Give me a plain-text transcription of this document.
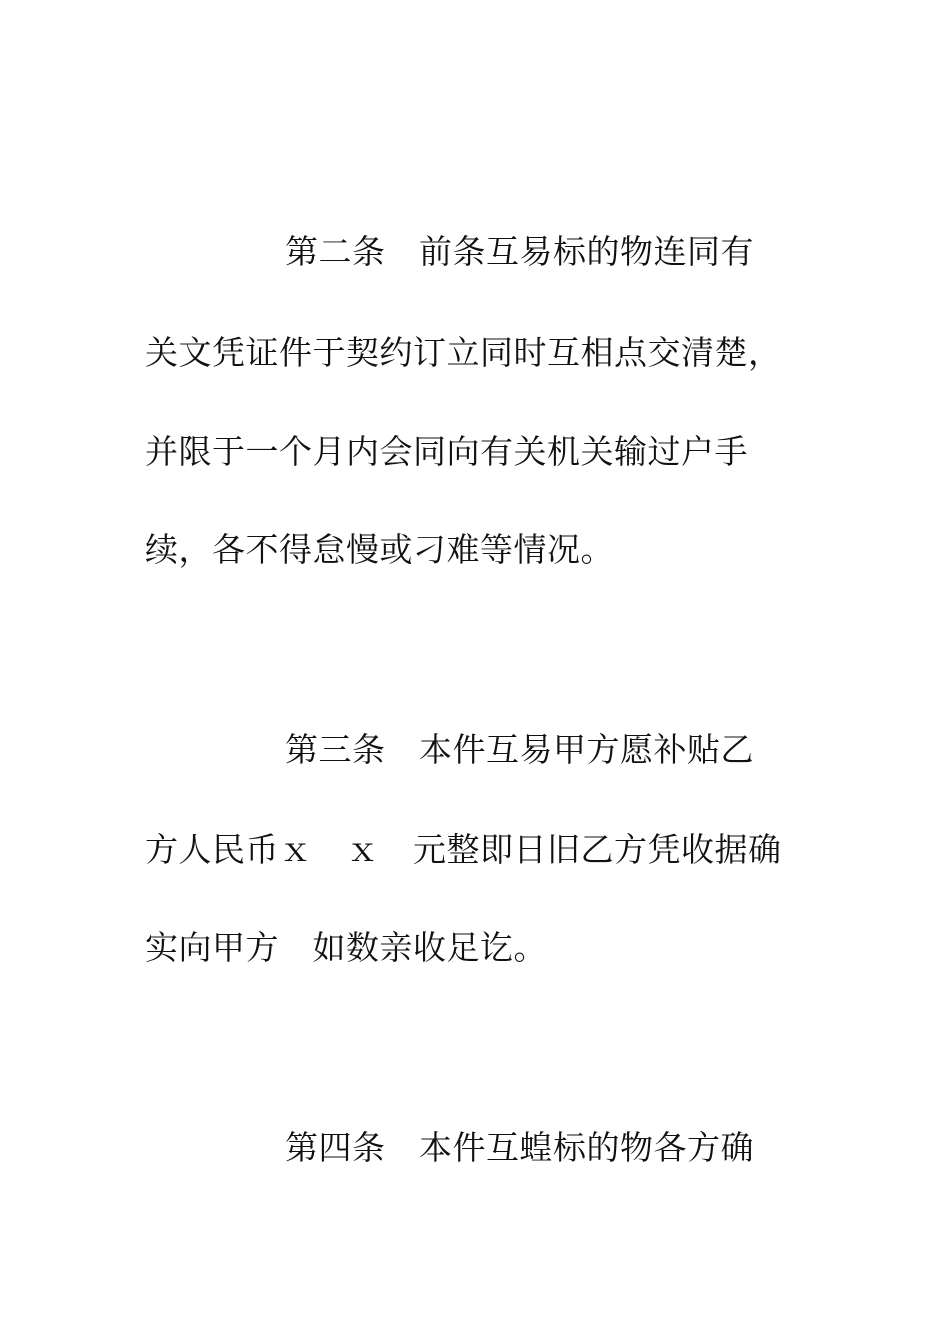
第二条　前条互易标的物连同有
关文凭证件于契约订立同时互相点交清楚，
并限于一个月内会同向有关机关输过户手
续，各不得怠慢或刁难等情况。
第三条　本件互易甲方愿补贴乙
方人民币ｘ　ｘ　元整即日旧乙方凭收据确
实向甲方　如数亲收足讫。
第四条　本件互蝗标的物各方确
